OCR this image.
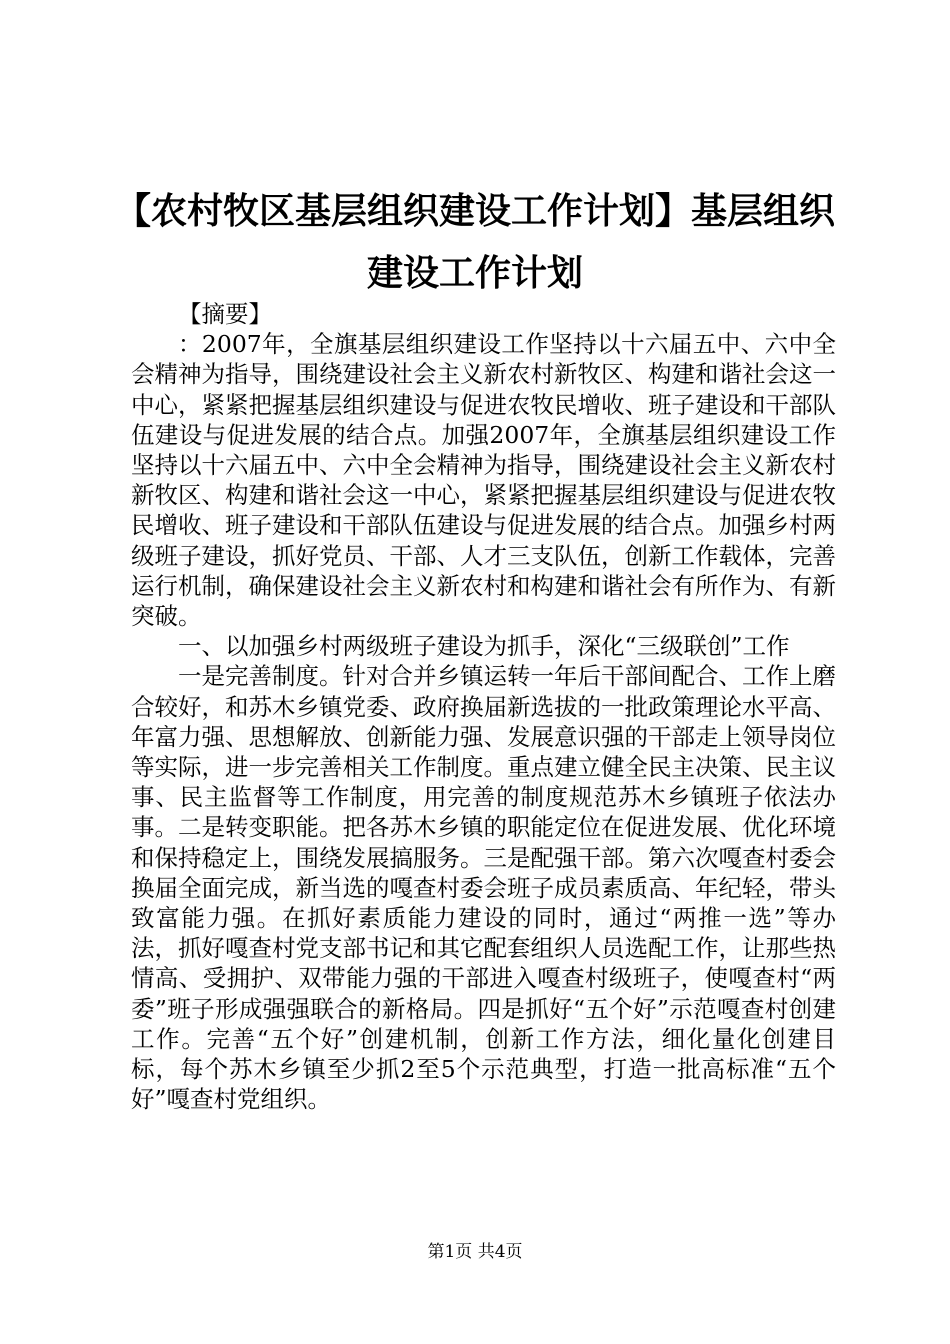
【农村牧区基层组织建设工作计划】基层组织建设工作计划

【摘要】

：2007年，全旗基层组织建设工作坚持以十六届五中、六中全会精神为指导，围绕建设社会主义新农村新牧区、构建和谐社会这一中心，紧紧把握基层组织建设与促进农牧民增收、班子建设和干部队伍建设与促进发展的结合点。加强2007年，全旗基层组织建设工作坚持以十六届五中、六中全会精神为指导，围绕建设社会主义新农村新牧区、构建和谐社会这一中心，紧紧把握基层组织建设与促进农牧民增收、班子建设和干部队伍建设与促进发展的结合点。加强乡村两级班子建设，抓好党员、干部、人才三支队伍，创新工作载体，完善运行机制，确保建设社会主义新农村和构建和谐社会有所作为、有新突破。

一、以加强乡村两级班子建设为抓手，深化“三级联创”工作

一是完善制度。针对合并乡镇运转一年后干部间配合、工作上磨合较好，和苏木乡镇党委、政府换届新选拔的一批政策理论水平高、年富力强、思想解放、创新能力强、发展意识强的干部走上领导岗位等实际，进一步完善相关工作制度。重点建立健全民主决策、民主议事、民主监督等工作制度，用完善的制度规范苏木乡镇班子依法办事。二是转变职能。把各苏木乡镇的职能定位在促进发展、优化环境和保持稳定上，围绕发展搞服务。三是配强干部。第六次嘎查村委会换届全面完成，新当选的嘎查村委会班子成员素质高、年纪轻，带头致富能力强。在抓好素质能力建设的同时，通过“两推一选”等办法，抓好嘎查村党支部书记和其它配套组织人员选配工作，让那些热情高、受拥护、双带能力强的干部进入嘎查村级班子，使嘎查村“两委”班子形成强强联合的新格局。四是抓好“五个好”示范嘎查村创建工作。完善“五个好”创建机制，创新工作方法，细化量化创建目标，每个苏木乡镇至少抓2至5个示范典型，打造一批高标准“五个好”嘎查村党组织。

第1页 共4页
